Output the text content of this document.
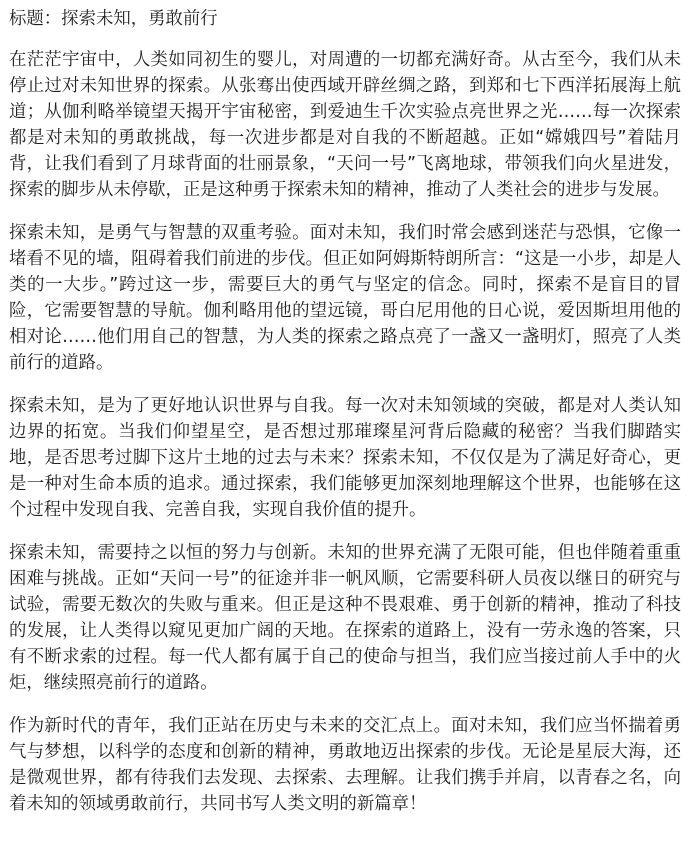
标题：探索未知，勇敢前行

在茫茫宇宙中，人类如同初生的婴儿，对周遭的一切都充满好奇。从古至今，我们从未停止过对未知世界的探索。从张骞出使西域开辟丝绸之路，到郑和七下西洋拓展海上航道；从伽利略举镜望天揭开宇宙秘密，到爱迪生千次实验点亮世界之光……每一次探索都是对未知的勇敢挑战，每一次进步都是对自我的不断超越。正如“嫦娥四号”着陆月背，让我们看到了月球背面的壮丽景象，“天问一号”飞离地球，带领我们向火星进发，探索的脚步从未停歇，正是这种勇于探索未知的精神，推动了人类社会的进步与发展。

探索未知，是勇气与智慧的双重考验。面对未知，我们时常会感到迷茫与恐惧，它像一堵看不见的墙，阻碍着我们前进的步伐。但正如阿姆斯特朗所言：“这是一小步，却是人类的一大步。”跨过这一步，需要巨大的勇气与坚定的信念。同时，探索不是盲目的冒险，它需要智慧的导航。伽利略用他的望远镜，哥白尼用他的日心说，爱因斯坦用他的相对论……他们用自己的智慧，为人类的探索之路点亮了一盏又一盏明灯，照亮了人类前行的道路。

探索未知，是为了更好地认识世界与自我。每一次对未知领域的突破，都是对人类认知边界的拓宽。当我们仰望星空，是否想过那璀璨星河背后隐藏的秘密？当我们脚踏实地，是否思考过脚下这片土地的过去与未来？探索未知，不仅仅是为了满足好奇心，更是一种对生命本质的追求。通过探索，我们能够更加深刻地理解这个世界，也能够在这个过程中发现自我、完善自我，实现自我价值的提升。

探索未知，需要持之以恒的努力与创新。未知的世界充满了无限可能，但也伴随着重重困难与挑战。正如“天问一号”的征途并非一帆风顺，它需要科研人员夜以继日的研究与试验，需要无数次的失败与重来。但正是这种不畏艰难、勇于创新的精神，推动了科技的发展，让人类得以窥见更加广阔的天地。在探索的道路上，没有一劳永逸的答案，只有不断求索的过程。每一代人都有属于自己的使命与担当，我们应当接过前人手中的火炬，继续照亮前行的道路。

作为新时代的青年，我们正站在历史与未来的交汇点上。面对未知，我们应当怀揣着勇气与梦想，以科学的态度和创新的精神，勇敢地迈出探索的步伐。无论是星辰大海，还是微观世界，都有待我们去发现、去探索、去理解。让我们携手并肩，以青春之名，向着未知的领域勇敢前行，共同书写人类文明的新篇章！
